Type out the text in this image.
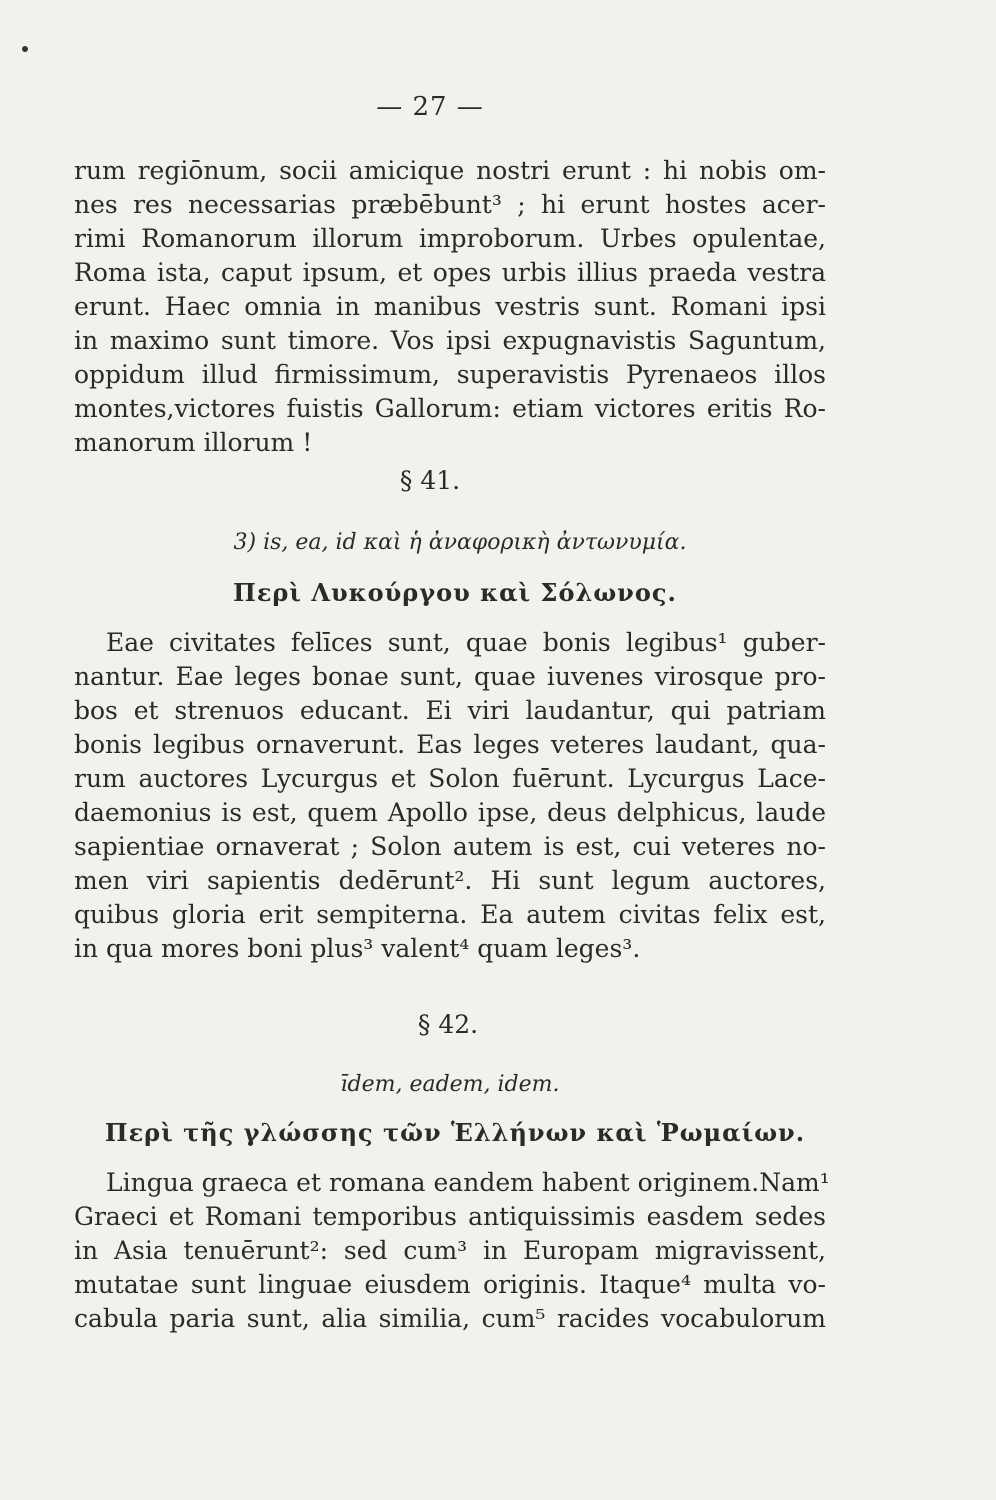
— 27 —
rum regiōnum, socii amicique nostri erunt : hi nobis om-
nes res necessarias præbēbunt³ ; hi erunt hostes acer-
rimi Romanorum illorum improborum. Urbes opulentae,
Roma ista, caput ipsum, et opes urbis illius praeda vestra
erunt. Haec omnia in manibus vestris sunt. Romani ipsi
in maximo sunt timore. Vos ipsi expugnavistis Saguntum,
oppidum illud firmissimum, superavistis Pyrenaeos illos
montes,victores fuistis Gallorum: etiam victores eritis Ro-
manorum illorum !
§ 41.
3) is, ea, id καὶ ἡ ἀναφορικὴ ἀντωνυμία.
Περὶ Λυκούργου καὶ Σόλωνος.
Eae civitates felīces sunt, quae bonis legibus¹ guber-
nantur. Eae leges bonae sunt, quae iuvenes virosque pro-
bos et strenuos educant. Ei viri laudantur, qui patriam
bonis legibus ornaverunt. Eas leges veteres laudant, qua-
rum auctores Lycurgus et Solon fuērunt. Lycurgus Lace-
daemonius is est, quem Apollo ipse, deus delphicus, laude
sapientiae ornaverat ; Solon autem is est, cui veteres no-
men viri sapientis dedērunt². Hi sunt legum auctores,
quibus gloria erit sempiterna. Ea autem civitas felix est,
in qua mores boni plus³ valent⁴ quam leges³.
§ 42.
īdem, eadem, idem.
Περὶ τῆς γλώσσης τῶν Ἑλλήνων καὶ Ῥωμαίων.
Lingua graeca et romana eandem habent originem.Nam¹
Graeci et Romani temporibus antiquissimis easdem sedes
in Asia tenuērunt²: sed cum³ in Europam migravissent,
mutatae sunt linguae eiusdem originis. Itaque⁴ multa vo-
cabula paria sunt, alia similia, cum⁵ racides vocabulorum
